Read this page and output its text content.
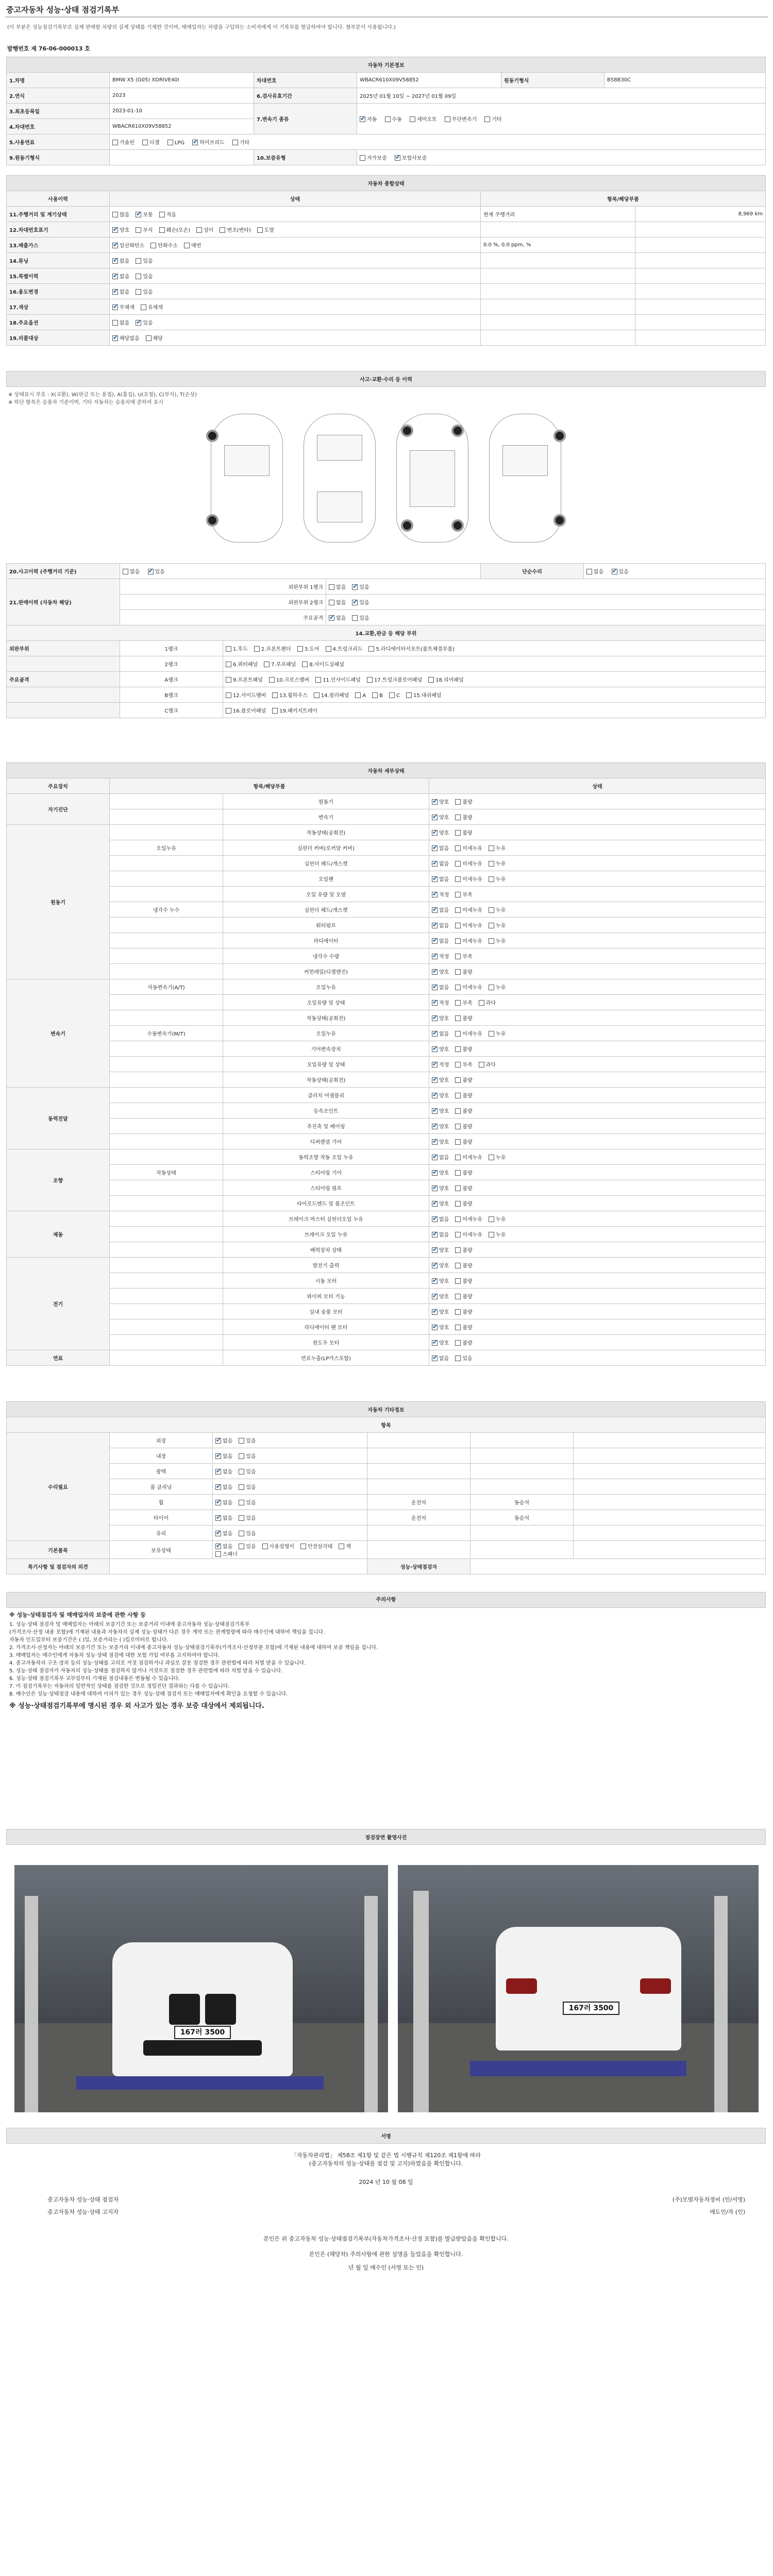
중고자동차 성능·상태 점검기록부
(이 부분은 성능점검기록부로 실제 판매할 차량의 실제 상태를 기재한 것이며, 매매업자는 차량을 구입하는 소비자에게 이 기록부를 발급하여야 합니다. 첨부문서 사용됩니다.)
발행번호 제 76-06-000013 호
자동차 기본정보					
1.차명	BMW X5 (G05) XDRIVE40I	차대번호	WBACR610X09V58852	원동기형식	B58B30C
2.연식	2023	6.검사유효기간	2025년 01월 10일 ~ 2027년 01월 09일		
3.최초등록일	2023-01-10	7.변속기 종류	✔자동 수동 세미오토 무단변속기 기타
4.차대번호	WBACR610X09V58852				
5.사용연료	가솔린 디젤 LPG ✔ 하이브리드 기타
9.원동기형식		10.보증유형	자가보증 ✔ 보험사보증
자동차 종합상태			
사용이력	상태	항목/해당부품	
11.주행거리 및 계기상태	많음 ✔ 보통 적음	현재 주행거리	8,969 km
12.차대번호표기	✔양호 부식 훼손(오손) 상이 변조(변타) 도말		
13.배출가스	✔일산화탄소 탄화수소 매연	0.0 %, 0.0 ppm, %	
14.튜닝	✔없음 있음		
15.특별이력	✔없음 있음		
16.용도변경	✔없음 있음		
17.색상	✔무채색 유채색		
18.주요옵션	없음 ✔ 있음		
19.리콜대상	✔해당없음 해당		
사고·교환·수리 등 이력
※ 상태표시 부호 : X(교환), W(판금 또는 용접), A(흠집), U(요철), C(부식), T(손상)
※ 하단 항목은 승용차 기준이며, 기타 자동차는 승용차에 준하여 표시
20.사고이력 (주행거리 기준)	없음 ✔ 있음			단순수리	없음 ✔ 있음
21.판매이력 (자동차 해당)	외판부위 1랭크		없음 ✔ 있음
	외판부위 2랭크		없음 ✔ 있음
	주요골격	✔없음 있음
14.교환,판금 등 해당 부위					
외판부위	1랭크	1.후드 2.프론트펜더 3.도어 4.트렁크리드 5.라디에이터서포트(볼트체결부품)			
	2랭크	6.쿼터패널 7.루프패널 8.사이드실패널			
주요골격	A랭크	9.프론트패널 10.크로스멤버 11.인사이드패널 17.트렁크플로어패널 18.리어패널			
	B랭크	12.사이드멤버 13.휠하우스 14.필러패널 A B C 15.대쉬패널			
	C랭크	16.플로어패널 19.패키지트레이			
자동차 세부상태			
주요장치	항목/해당부품		상태
자기진단		원동기	✔양호 불량
		변속기	✔양호 불량
원동기		작동상태(공회전)	✔양호 불량
	오일누유	실린더 커버(로커암 커버)	✔없음 미세누유 누유
		실린더 헤드/개스켓	✔없음 미세누유 누유
		오일팬	✔없음 미세누유 누유
		오일 유량 및 오염	✔적정 부족
	냉각수 누수	실린더 헤드/개스켓	✔없음 미세누유 누유
		워터펌프	✔없음 미세누유 누유
		라디에이터	✔없음 미세누유 누유
		냉각수 수량	✔적정 부족
		커먼레일(디젤엔진)	✔양호 불량
변속기	자동변속기(A/T)	오일누유	✔없음 미세누유 누유
		오일유량 및 상태	✔적정 부족 과다
		작동상태(공회전)	✔양호 불량
	수동변속기(M/T)	오일누유	✔없음 미세누유 누유
		기어변속장치	✔양호 불량
		오일유량 및 상태	✔적정 부족 과다
		작동상태(공회전)	✔양호 불량
동력전달		클러치 어셈블리	✔양호 불량
		등속조인트	✔양호 불량
		추진축 및 베어링	✔양호 불량
		디퍼렌셜 기어	✔양호 불량
조향		동력조향 작동 오일 누유	✔없음 미세누유 누유
	작동상태	스티어링 기어	✔양호 불량
		스티어링 펌프	✔양호 불량
		타이로드엔드 및 볼조인트	✔양호 불량
제동		브레이크 마스터 실린더오일 누유	✔없음 미세누유 누유
		브레이크 오일 누유	✔없음 미세누유 누유
		배력장치 상태	✔양호 불량
전기		발전기 출력	✔양호 불량
		시동 모터	✔양호 불량
		와이퍼 모터 기능	✔양호 불량
		실내 송풍 모터	✔양호 불량
		라디에이터 팬 모터	✔양호 불량
		윈도우 모터	✔양호 불량
연료		연료누출(LP가스포함)	✔없음 있음
자동차 기타정보					
항목					
수리필요	외장	✔없음 있음			
	내장	✔없음 있음			
	광택	✔없음 있음			
	룸 클리닝	✔없음 있음			
	휠	✔없음 있음	운전석	동승석	
	타이어	✔없음 있음	운전석	동승석	
	유리	✔없음 있음			
기본품목	보유상태	✔없음 있음 사용설명서 안전삼각대 잭스패너			
특기사항 및 점검자의 의견			성능·상태점검자		
주의사항
※ 성능·상태점검자 및 매매업자의 보증에 관한 사항 등
1. 성능·상태 점검자 및 매매업자는 아래의 보증기간 또는 보증거리 이내에 중고자동차 성능·상태점검기록부
(가격조사·산정 내용 포함)에 기재된 내용과 자동차의 실제 성능·상태가 다른 경우 계약 또는 관계법령에 따라 매수인에 대하여 책임을 집니다.
자동차 인도일부터 보증기간은 ( )일, 보증거리는 ( )킬로미터로 합니다.
2. 가격조사·산정자는 아래의 보증기간 또는 보증거리 이내에 중고자동차 성능·상태점검기록부(가격조사·산정부분 포함)에 기재된 내용에 대하여 보증 책임을 집니다.
3. 매매업자는 매수인에게 자동차 성능·상태 점검에 대한 보험 가입 여부를 고지하여야 합니다.
4. 중고자동차의 구조·장치 등의 성능·상태를 고의로 거짓 점검하거나 과실로 잘못 점검한 경우 관련법에 따라 처벌 받을 수 있습니다.
5. 성능·상태 점검자가 자동차의 성능·상태를 점검하지 않거나 거짓으로 점검한 경우 관련법에 따라 처벌 받을 수 있습니다.
6. 성능·상태 점검기록부 교부일부터 기재된 점검내용은 변동될 수 있습니다.
7. 이 점검기록부는 자동차의 일반적인 상태를 점검한 것으로 정밀진단 결과와는 다를 수 있습니다.
8. 매수인은 성능·상태점검 내용에 대하여 이의가 있는 경우 성능·상태 점검자 또는 매매업자에게 확인을 요청할 수 있습니다.
※ 성능·상태점검기록부에 명시된 경우 외 사고가 있는 경우 보증 대상에서 제외됩니다.
점검장면 촬영사진
167러 3500
167러 3500
서명
「자동차관리법」 제58조 제1항 및 같은 법 시행규칙 제120조 제1항에 따라
(중고자동차의 성능·상태를 점검 및 고지)하였음을 확인합니다.
2024 년 10 월 08 일
중고자동차 성능·상태 점검자	(주)모범자동차정비 (인/서명)
중고자동차 성능·상태 고지자	매도인/자 (인)
본인은 위 중고자동차 성능·상태점검기록부(자동차가격조사·산정 포함)를 발급받았음을 확인합니다.
본인은 (해당차) 주의사항에 관한 설명을 들었음을 확인합니다.
년 월 일 매수인 (서명 또는 인)
